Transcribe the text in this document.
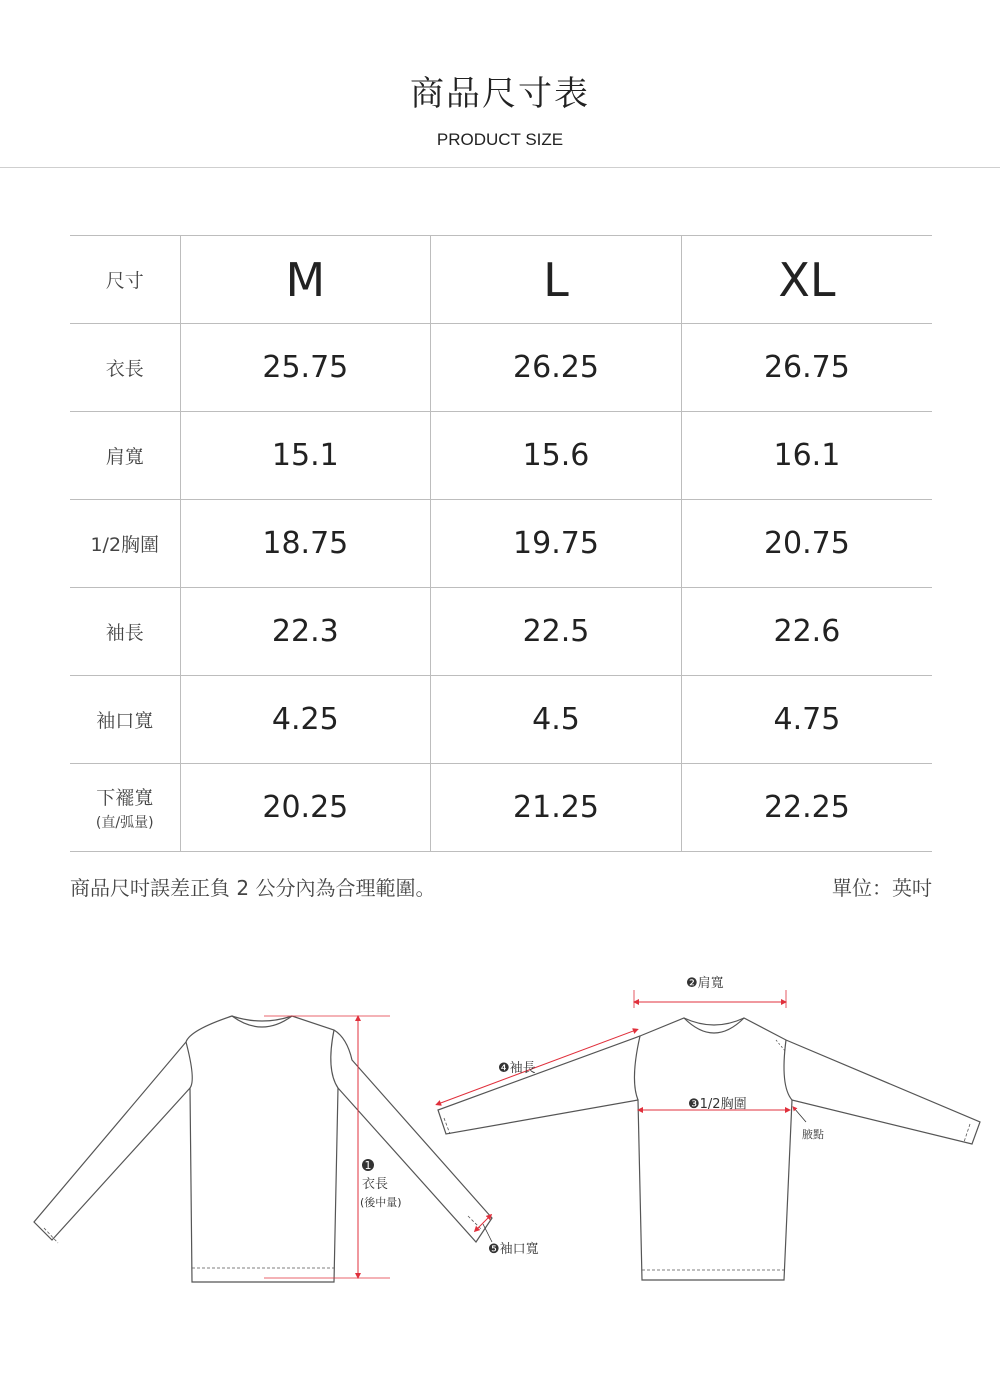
商品尺寸表
PRODUCT SIZE
尺寸	M	L	XL
衣長	25.75	26.25	26.75
肩寬	15.1	15.6	16.1
1/2胸圍	18.75	19.75	20.75
袖長	22.3	22.5	22.6
袖口寬	4.25	4.5	4.75
下襬寬
(直/弧量)	20.25	21.25	22.25
商品尺吋誤差正負 2 公分內為合理範圍。	單位：英吋
1
衣長
(後中量)
❺袖口寬
❷肩寬
❹袖長
❸1/2胸圍
腋點
